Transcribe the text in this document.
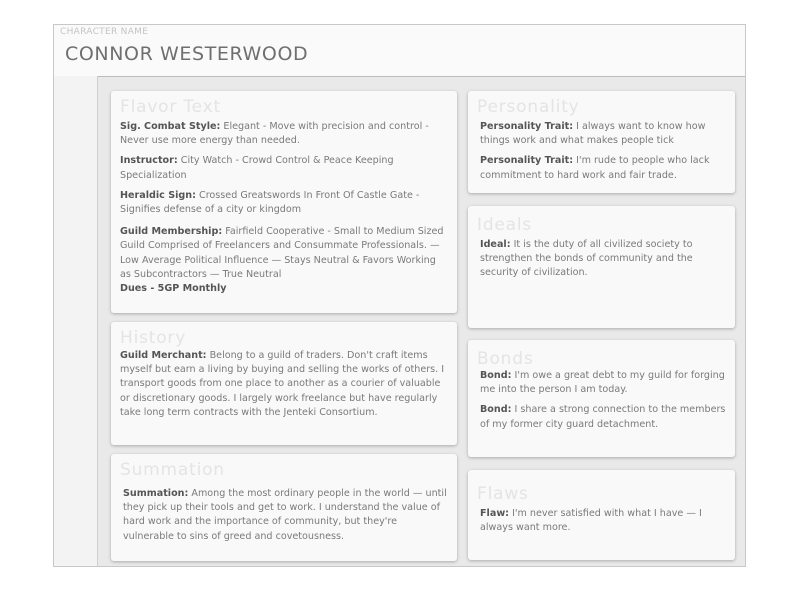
CHARACTER NAME
CONNOR WESTERWOOD
Flavor Text

Sig. Combat Style: Elegant - Move with precision and control - Never use more energy than needed.

Instructor: City Watch - Crowd Control & Peace Keeping Specialization

Heraldic Sign: Crossed Greatswords In Front Of Castle Gate - Signifies defense of a city or kingdom

Guild Membership: Fairfield Cooperative - Small to Medium Sized Guild Comprised of Freelancers and Consummate Professionals. — Low Average Political Influence — Stays Neutral & Favors Working as Subcontractors — True Neutral
Dues - 5GP Monthly

History

Guild Merchant: Belong to a guild of traders. Don't craft items myself but earn a living by buying and selling the works of others. I transport goods from one place to another as a courier of valuable or discretionary goods. I largely work freelance but have regularly take long term contracts with the Jenteki Consortium.

Summation

Summation: Among the most ordinary people in the world — until they pick up their tools and get to work. I understand the value of hard work and the importance of community, but they're vulnerable to sins of greed and covetousness.

Personality

Personality Trait: I always want to know how things work and what makes people tick

Personality Trait: I'm rude to people who lack commitment to hard work and fair trade.

Ideals

Ideal: It is the duty of all civilized society to strengthen the bonds of community and the security of civilization.

Bonds

Bond: I'm owe a great debt to my guild for forging me into the person I am today.

Bond: I share a strong connection to the members of my former city guard detachment.

Flaws

Flaw: I'm never satisfied with what I have — I always want more.
